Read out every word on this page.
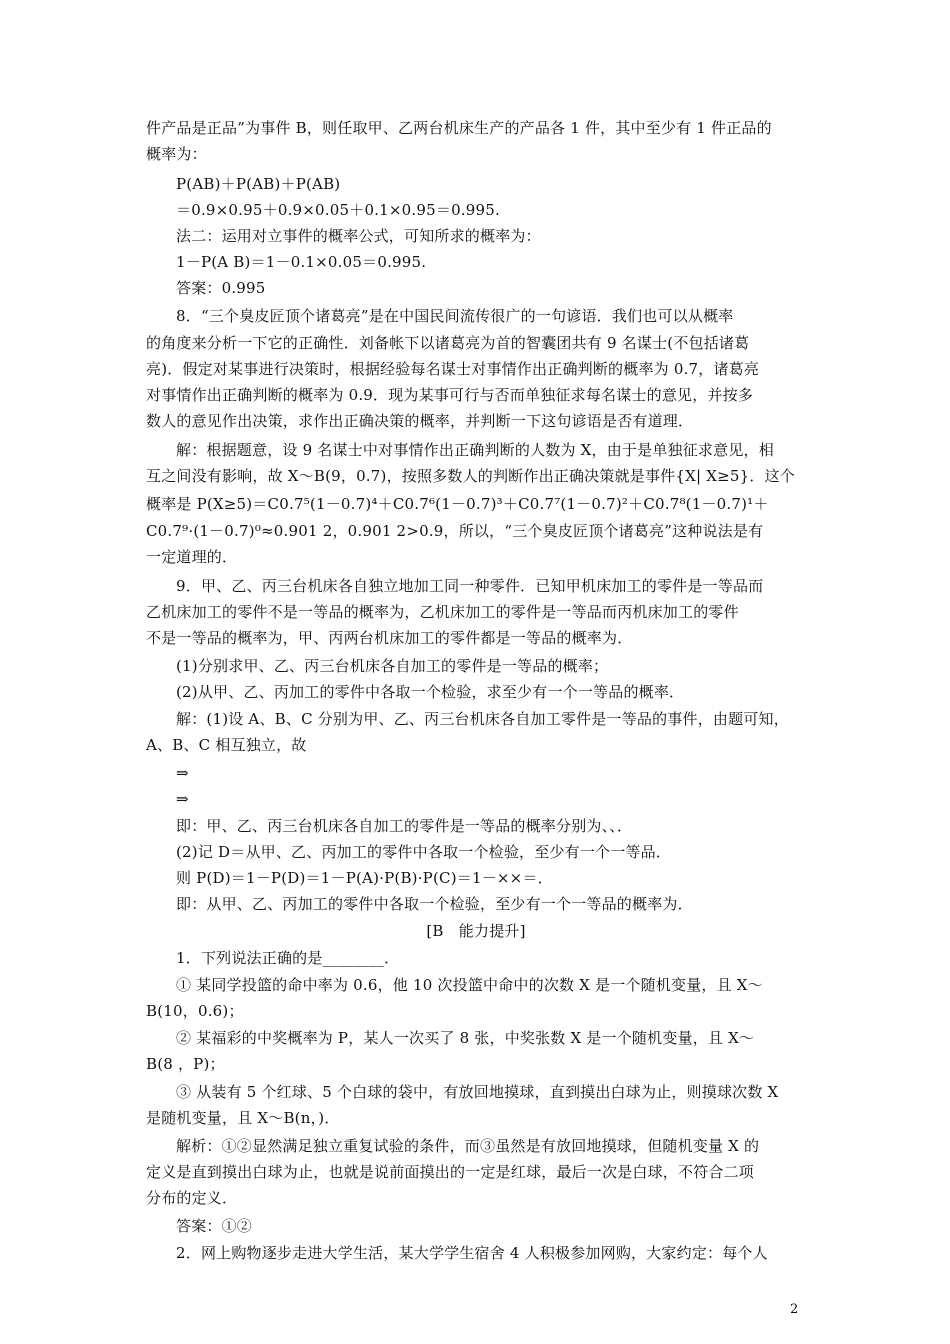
件产品是正品”为事件 B，则任取甲、乙两台机床生产的产品各 1 件，其中至少有 1 件正品的
概率为：
P(AB)＋P(AB)＋P(AB)
＝0.9×0.95＋0.9×0.05＋0.1×0.95＝0.995.
法二：运用对立事件的概率公式，可知所求的概率为：
1－P(A B)＝1－0.1×0.05＝0.995.
答案：0.995
8．“三个臭皮匠顶个诸葛亮”是在中国民间流传很广的一句谚语．我们也可以从概率
的角度来分析一下它的正确性．刘备帐下以诸葛亮为首的智囊团共有 9 名谋士(不包括诸葛
亮)．假定对某事进行决策时，根据经验每名谋士对事情作出正确判断的概率为 0.7，诸葛亮
对事情作出正确判断的概率为 0.9．现为某事可行与否而单独征求每名谋士的意见，并按多
数人的意见作出决策，求作出正确决策的概率，并判断一下这句谚语是否有道理．
解：根据题意，设 9 名谋士中对事情作出正确判断的人数为 X，由于是单独征求意见，相
互之间没有影响，故 X～B(9，0.7)，按照多数人的判断作出正确决策就是事件{X| X≥5}．这个
概率是 P(X≥5)＝C0.7⁵(1－0.7)⁴＋C0.7⁶(1－0.7)³＋C0.7⁷(1－0.7)²＋C0.7⁸(1－0.7)¹＋
C0.7⁹·(1－0.7)⁰≈0.901 2，0.901 2>0.9，所以，“三个臭皮匠顶个诸葛亮”这种说法是有
一定道理的．
9．甲、乙、丙三台机床各自独立地加工同一种零件．已知甲机床加工的零件是一等品而
乙机床加工的零件不是一等品的概率为，乙机床加工的零件是一等品而丙机床加工的零件
不是一等品的概率为，甲、丙两台机床加工的零件都是一等品的概率为．
(1)分别求甲、乙、丙三台机床各自加工的零件是一等品的概率；
(2)从甲、乙、丙加工的零件中各取一个检验，求至少有一个一等品的概率．
解：(1)设 A、B、C 分别为甲、乙、丙三台机床各自加工零件是一等品的事件，由题可知，
A、B、C 相互独立，故
⇒
⇒
即：甲、乙、丙三台机床各自加工的零件是一等品的概率分别为、、．
(2)记 D＝从甲、乙、丙加工的零件中各取一个检验，至少有一个一等品．
则 P(D)＝1－P(D)＝1－P(A)·P(B)·P(C)＝1－××＝．
即：从甲、乙、丙加工的零件中各取一个检验，至少有一个一等品的概率为．
[B　能力提升]
1．下列说法正确的是________．
① 某同学投篮的命中率为 0.6，他 10 次投篮中命中的次数 X 是一个随机变量，且 X～
B(10，0.6)；
② 某福彩的中奖概率为 P，某人一次买了 8 张，中奖张数 X 是一个随机变量，且 X～
B(8 ，P)；
③ 从装有 5 个红球、5 个白球的袋中，有放回地摸球，直到摸出白球为止，则摸球次数 X
是随机变量，且 X～B(n，)．
解析：①②显然满足独立重复试验的条件，而③虽然是有放回地摸球，但随机变量 X 的
定义是直到摸出白球为止，也就是说前面摸出的一定是红球，最后一次是白球，不符合二项
分布的定义．
答案：①②
2．网上购物逐步走进大学生活，某大学学生宿舍 4 人积极参加网购，大家约定：每个人
2
